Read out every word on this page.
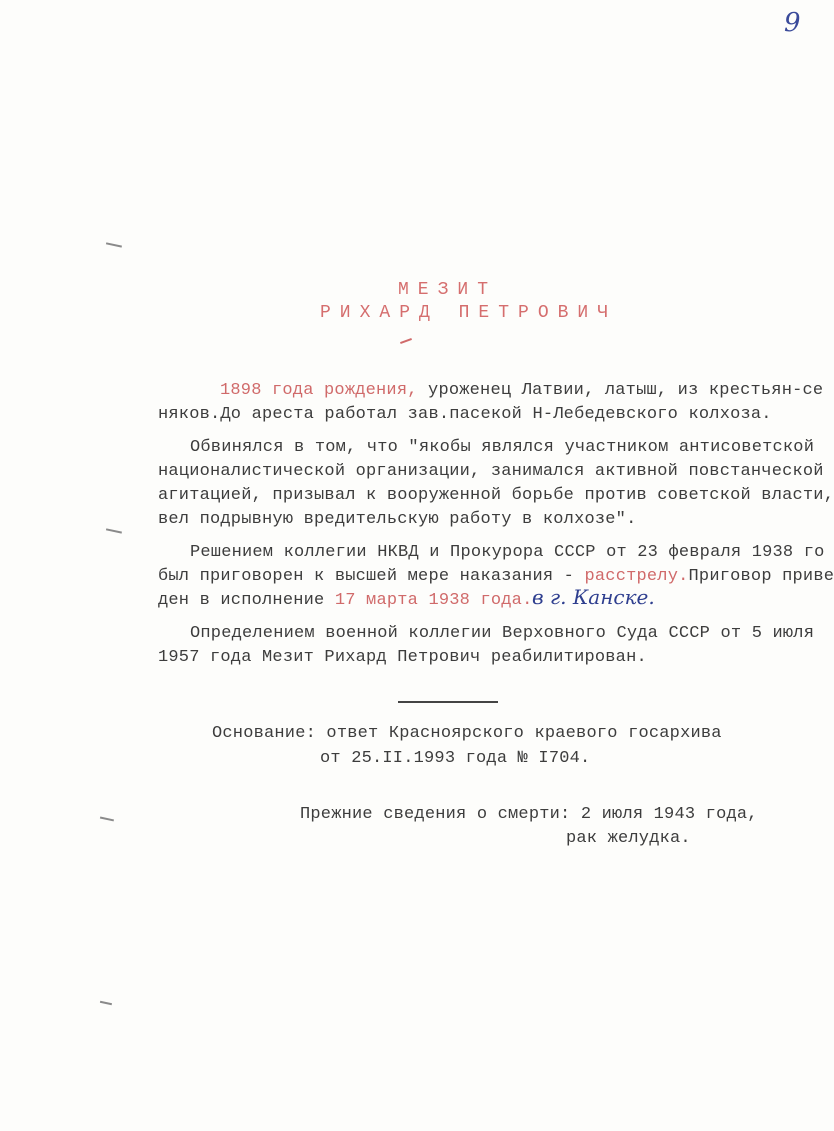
9
МЕЗИТ
РИХАРД ПЕТРОВИЧ
1898 года рождения, уроженец Латвии, латыш, из крестьян-се
няков.До ареста работал зав.пасекой Н-Лебедевского колхоза.
Обвинялся в том, что "якобы являлся участником антисоветской
националистической организации, занимался активной повстанческой
агитацией, призывал к вооруженной борьбе против советской власти,
вел подрывную вредительскую работу в колхозе".
Решением коллегии НКВД и Прокурора СССР от 23 февраля 1938 го
был приговорен к высшей мере наказания - расстрелу.Приговор приве
ден в исполнение 17 марта 1938 года. в г. Канске.
Определением военной коллегии Верховного Суда СССР от 5 июля
1957 года Мезит Рихард Петрович реабилитирован.
Основание: ответ Красноярского краевого госархива
от 25.II.1993 года № I704.
Прежние сведения о смерти: 2 июля 1943 года,
рак желудка.
